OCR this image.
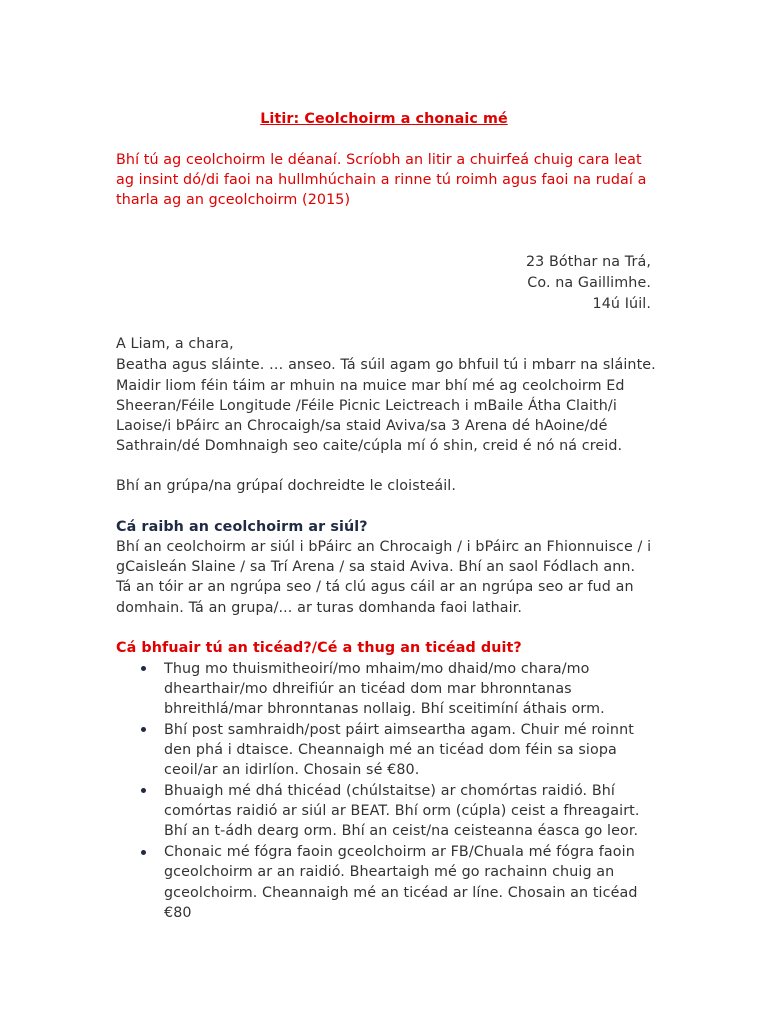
Litir: Ceolchoirm a chonaic mé
Bhí tú ag ceolchoirm le déanaí. Scríobh an litir a chuirfeá chuig cara leat
ag insint dó/di faoi na hullmhúchain a rinne tú roimh agus faoi na rudaí a
tharla ag an gceolchoirm (2015)
23 Bóthar na Trá,
Co. na Gaillimhe.
14ú Iúil.
A Liam, a chara,
Beatha agus sláinte. … anseo. Tá súil agam go bhfuil tú i mbarr na sláinte.
Maidir liom féin táim ar mhuin na muice mar bhí mé ag ceolchoirm Ed
Sheeran/Féile Longitude /Féile Picnic Leictreach i mBaile Átha Claith/i
Laoise/i bPáirc an Chrocaigh/sa staid Aviva/sa 3 Arena dé hAoine/dé
Sathrain/dé Domhnaigh seo caite/cúpla mí ó shin, creid é nó ná creid.
Bhí an grúpa/na grúpaí dochreidte le cloisteáil.
Cá raibh an ceolchoirm ar siúl?
Bhí an ceolchoirm ar siúl i bPáirc an Chrocaigh / i bPáirc an Fhionnuisce / i
gCaisleán Slaine / sa Trí Arena / sa staid Aviva. Bhí an saol Fódlach ann.
Tá an tóir ar an ngrúpa seo / tá clú agus cáil ar an ngrúpa seo ar fud an
domhain. Tá an grupa/... ar turas domhanda faoi lathair.
Cá bhfuair tú an ticéad?/Cé a thug an ticéad duit?
Thug mo thuismitheoirí/mo mhaim/mo dhaid/mo chara/mo
dhearthair/mo dhreifiúr an ticéad dom mar bhronntanas
bhreithlá/mar bhronntanas nollaig. Bhí sceitimíní áthais orm.
Bhí post samhraidh/post páirt aimseartha agam. Chuir mé roinnt
den phá i dtaisce. Cheannaigh mé an ticéad dom féin sa siopa
ceoil/ar an idirlíon. Chosain sé €80.
Bhuaigh mé dhá thicéad (chúlstaitse) ar chomórtas raidió. Bhí
comórtas raidió ar siúl ar BEAT. Bhí orm (cúpla) ceist a fhreagairt.
Bhí an t-ádh dearg orm. Bhí an ceist/na ceisteanna éasca go leor.
Chonaic mé fógra faoin gceolchoirm ar FB/Chuala mé fógra faoin
gceolchoirm ar an raidió. Bheartaigh mé go rachainn chuig an
gceolchoirm. Cheannaigh mé an ticéad ar líne. Chosain an ticéad
€80
